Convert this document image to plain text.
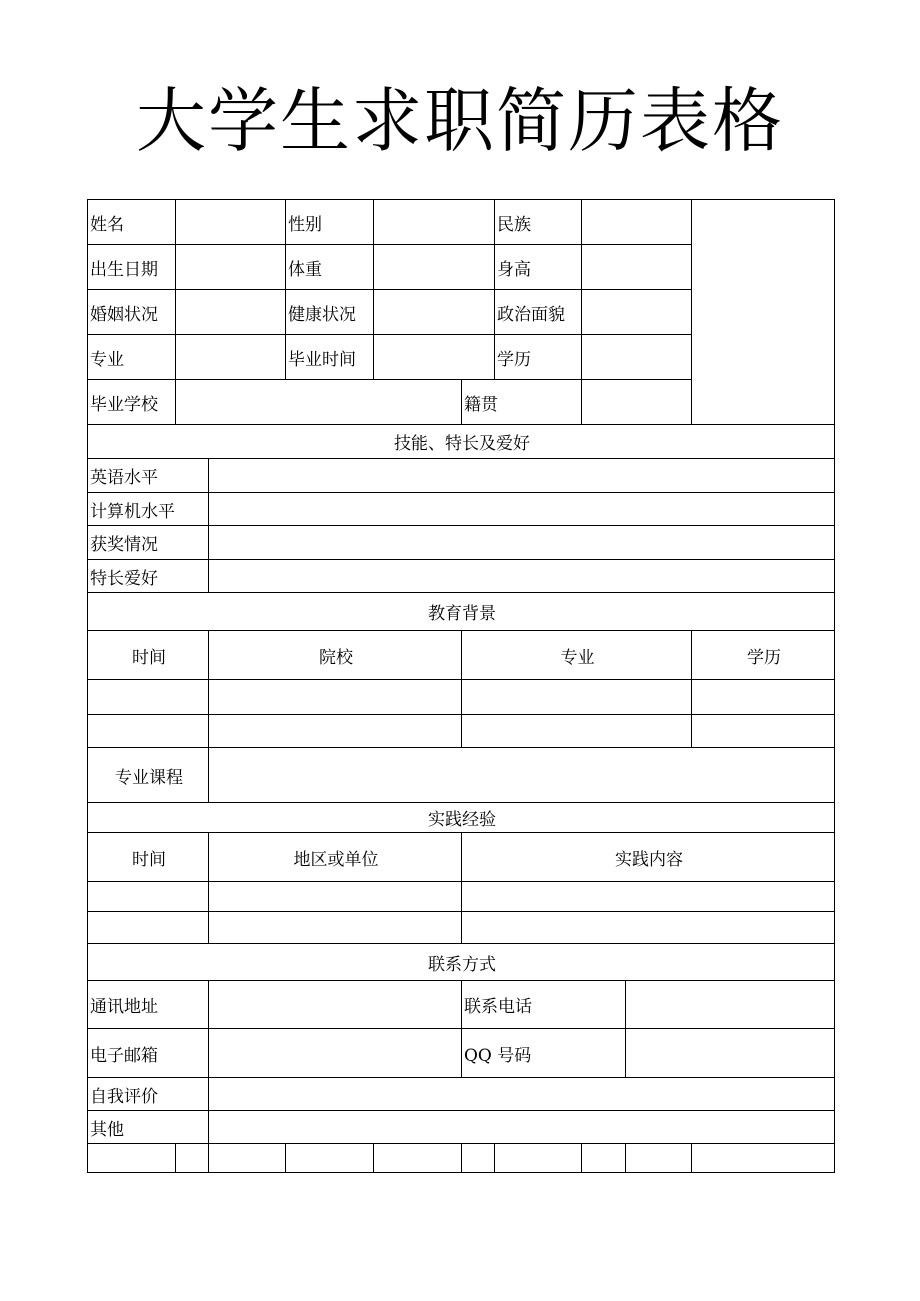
大学生求职简历表格
姓名			性别			民族			
出生日期			体重			身高			
婚姻状况			健康状况			政治面貌			
专业			毕业时间			学历			
毕业学校					籍贯				
技能、特长及爱好									
英语水平									
计算机水平									
获奖情况									
特长爱好									
教育背景									
时间		院校			专业				学历

专业课程									
实践经验									
时间		地区或单位			实践内容				

联系方式									
通讯地址					联系电话				
电子邮箱					QQ 号码				
自我评价									
其他									
